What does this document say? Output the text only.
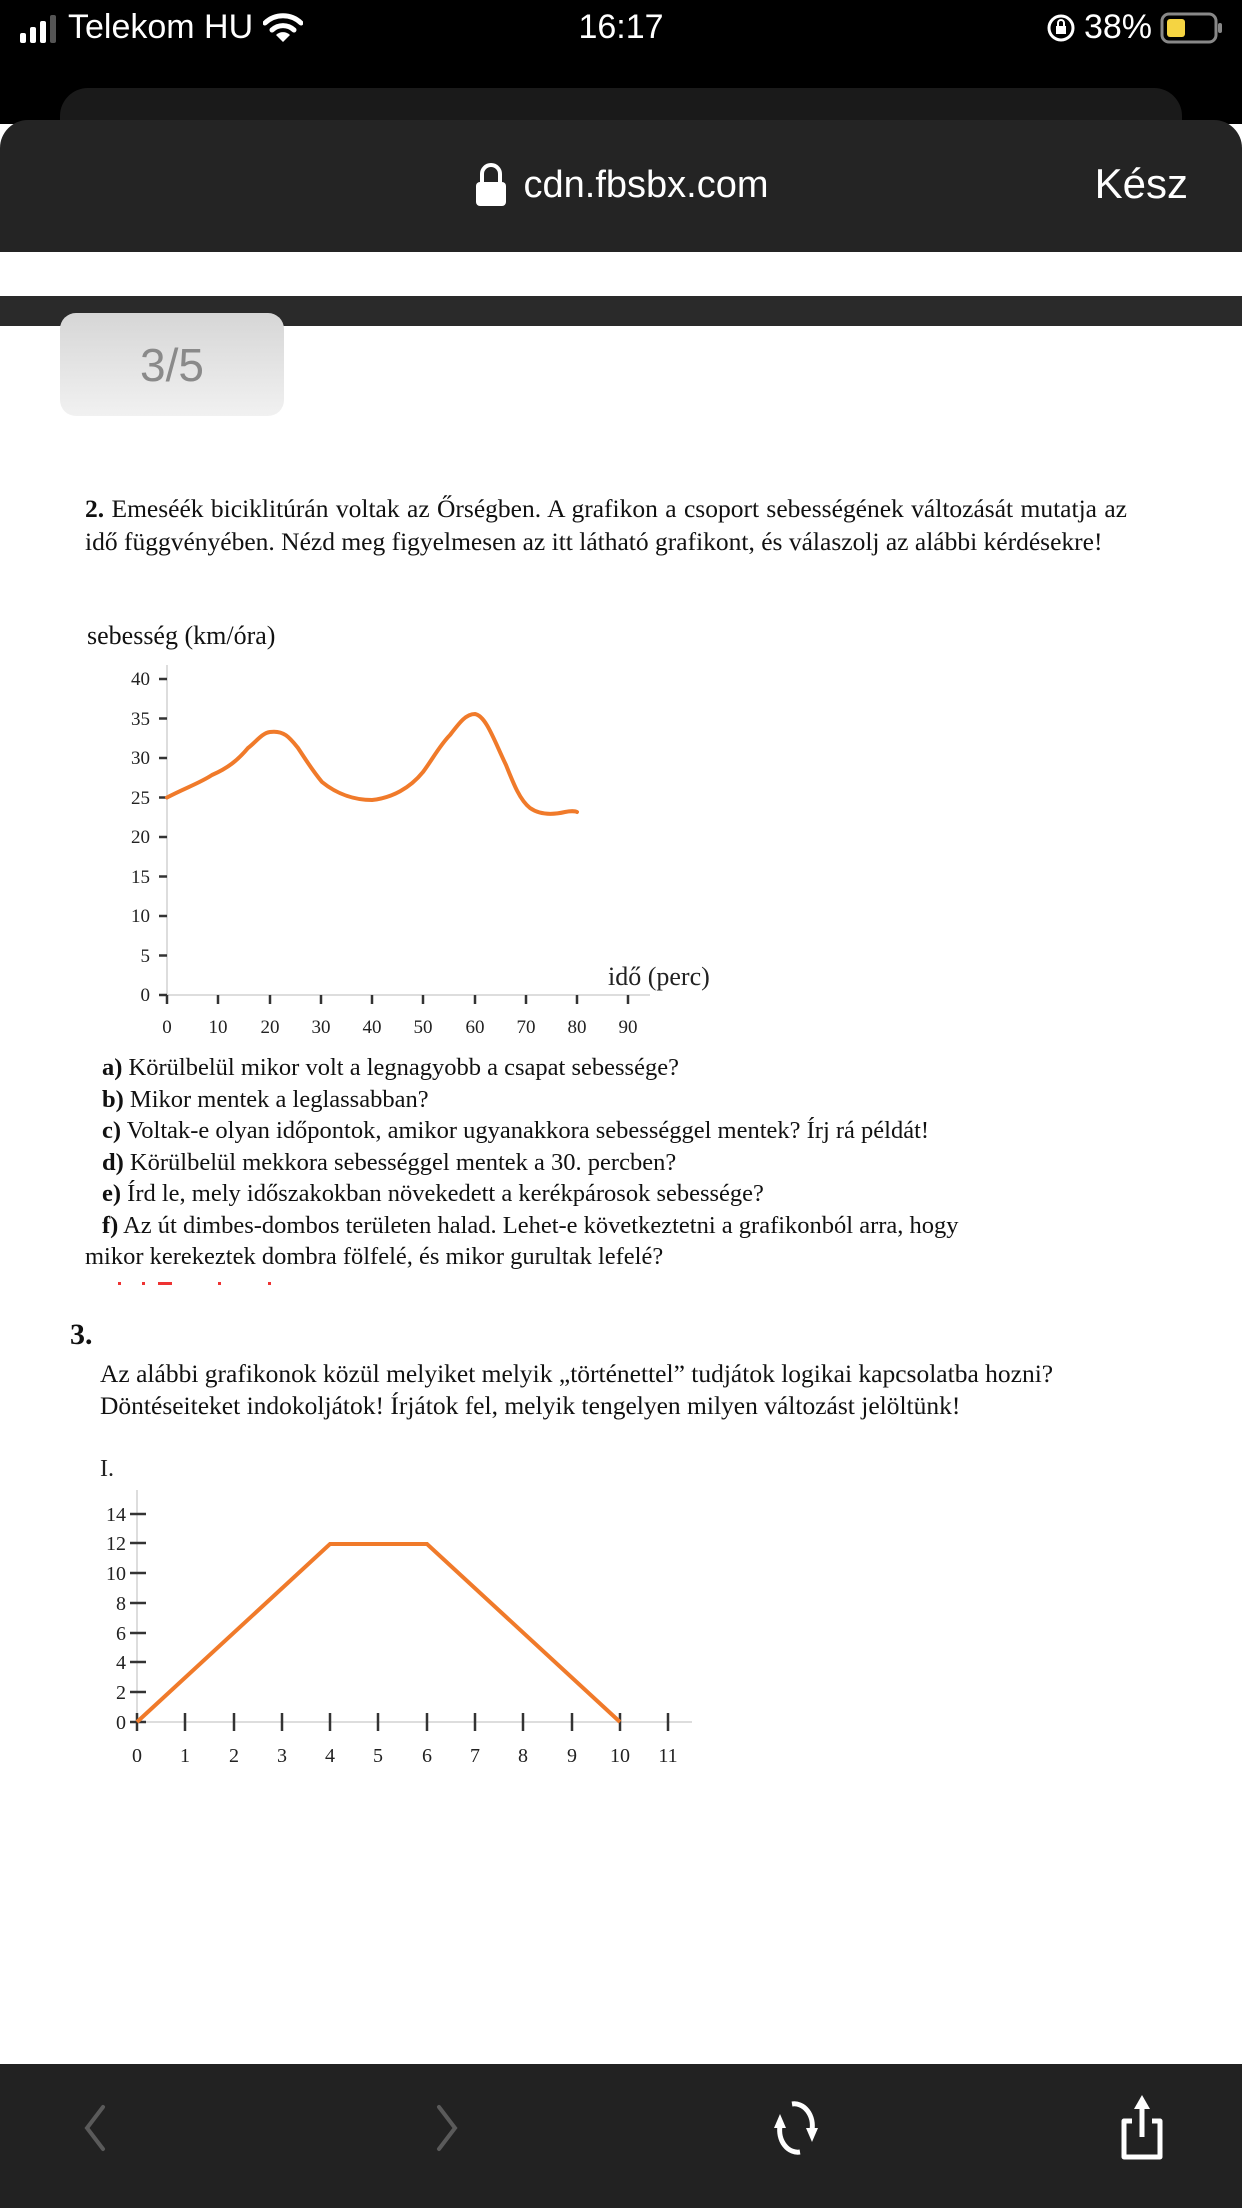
Telekom HU	16:17	38%
cdn.fbsbx.com	Kész
3/5
2. Emeséék biciklitúrán voltak az Őrségben. A grafikon a csoport sebességének változását mutatja az idő függvényében. Nézd meg figyelmesen az itt látható grafikont, és válaszolj az alábbi kérdésekre!
sebesség (km/óra)
0
5
10
15
20
25
30
35
40
0 10 20 30 40 50 60 70 80 90
idő (perc)
0
2
4
6
8
10
12
14
0 1 2 3 4 5 6 7 8 9 10 11
I.
a) Körülbelül mikor volt a legnagyobb a csapat sebessége?
b) Mikor mentek a leglassabban?
c) Voltak-e olyan időpontok, amikor ugyanakkora sebességgel mentek? Írj rá példát!
d) Körülbelül mekkora sebességgel mentek a 30. percben?
e) Írd le, mely időszakokban növekedett a kerékpárosok sebessége?
f) Az út dimbes-dombos területen halad. Lehet-e következtetni a grafikonból arra, hogy
mikor kerekeztek dombra fölfelé, és mikor gurultak lefelé?
3.
Az alábbi grafikonok közül melyiket melyik „történettel” tudjátok logikai kapcsolatba hozni?
Döntéseiteket indokoljátok! Írjátok fel, melyik tengelyen milyen változást jelöltünk!
